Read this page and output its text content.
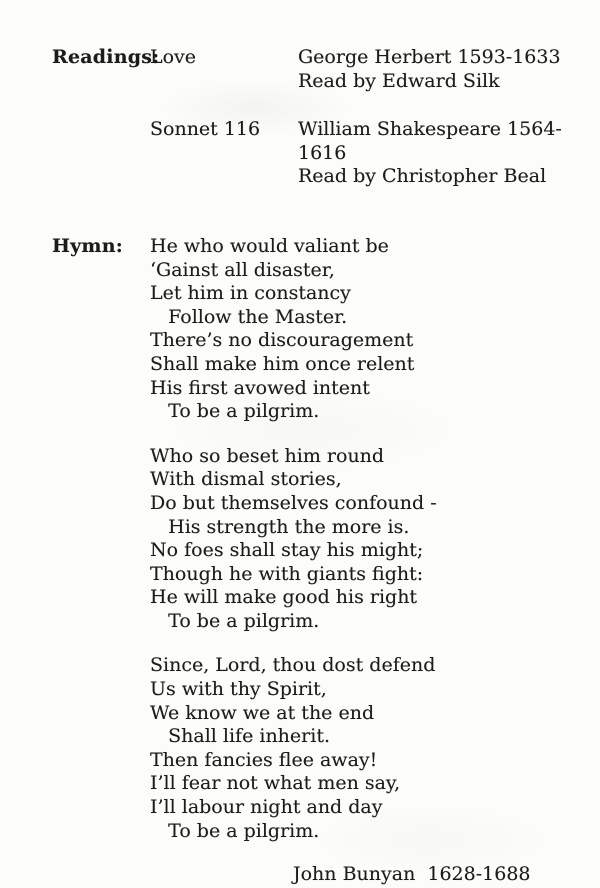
Readings:
Love	George Herbert 1593-1633
Read by Edward Silk
Sonnet 116	William Shakespeare 1564-1616
Read by Christopher Beal
Hymn:	He who would valiant be
‘Gainst all disaster,
Let him in constancy
Follow the Master.
There’s no discouragement
Shall make him once relent
His first avowed intent
To be a pilgrim.
Who so beset him round
With dismal stories,
Do but themselves confound -
His strength the more is.
No foes shall stay his might;
Though he with giants fight:
He will make good his right
To be a pilgrim.
Since, Lord, thou dost defend
Us with thy Spirit,
We know we at the end
Shall life inherit.
Then fancies flee away!
I’ll fear not what men say,
I’ll labour night and day
To be a pilgrim.
John Bunyan  1628-1688
